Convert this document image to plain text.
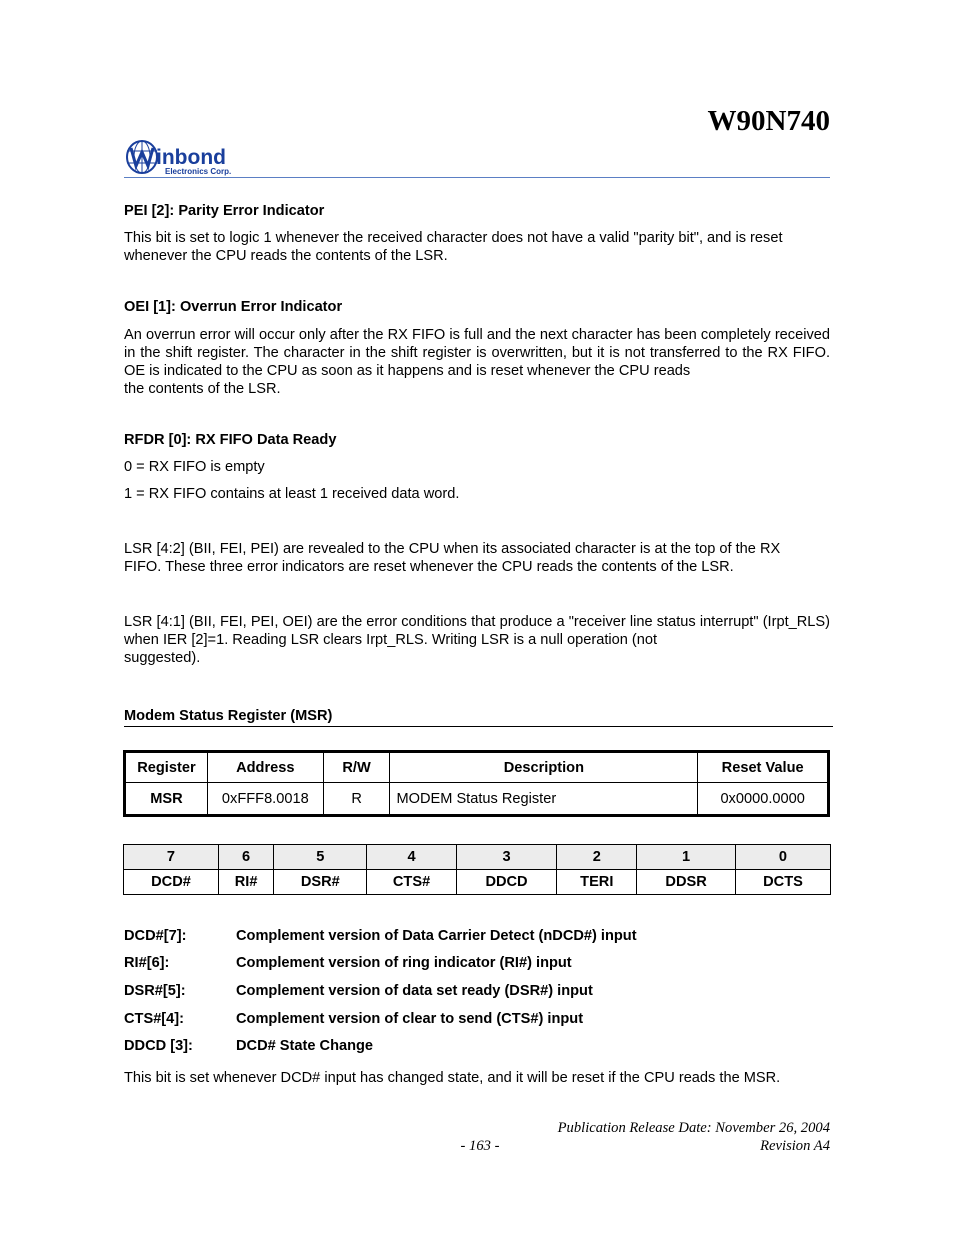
W90N740
inbond
Electronics Corp.
PEI [2]: Parity Error Indicator
This bit is set to logic 1 whenever the received character does not have a valid "parity bit", and is reset
whenever the CPU reads the contents of the LSR.
OEI [1]: Overrun Error Indicator
An overrun error will occur only after the RX FIFO is full and the next character has been completely received in the shift register. The character in the shift register is overwritten, but it is not transferred to the RX FIFO. OE is indicated to the CPU as soon as it happens and is reset whenever the CPU reads
the contents of the LSR.
RFDR [0]: RX FIFO Data Ready
0 = RX FIFO is empty
1 = RX FIFO contains at least 1 received data word.
LSR [4:2] (BII, FEI, PEI) are revealed to the CPU when its associated character is at the top of the RX
FIFO. These three error indicators are reset whenever the CPU reads the contents of the LSR.
LSR [4:1] (BII, FEI, PEI, OEI) are the error conditions that produce a "receiver line status interrupt" (Irpt_RLS) when IER [2]=1. Reading LSR clears Irpt_RLS. Writing LSR is a null operation (not
suggested).
Modem Status Register (MSR)
Register	Address	R/W	Description	Reset Value
MSR	0xFFF8.0018	R	MODEM Status Register	0x0000.0000
7	6	5	4	3	2	1	0
DCD#	RI#	DSR#	CTS#	DDCD	TERI	DDSR	DCTS
DCD#[7]:	Complement version of Data Carrier Detect (nDCD#) input
RI#[6]:	Complement version of ring indicator (RI#) input
DSR#[5]:	Complement version of data set ready (DSR#) input
CTS#[4]:	Complement version of clear to send (CTS#) input
DDCD [3]:	DCD# State Change
This bit is set whenever DCD# input has changed state, and it will be reset if the CPU reads the MSR.
Publication Release Date: November 26, 2004
- 163 -	Revision A4
